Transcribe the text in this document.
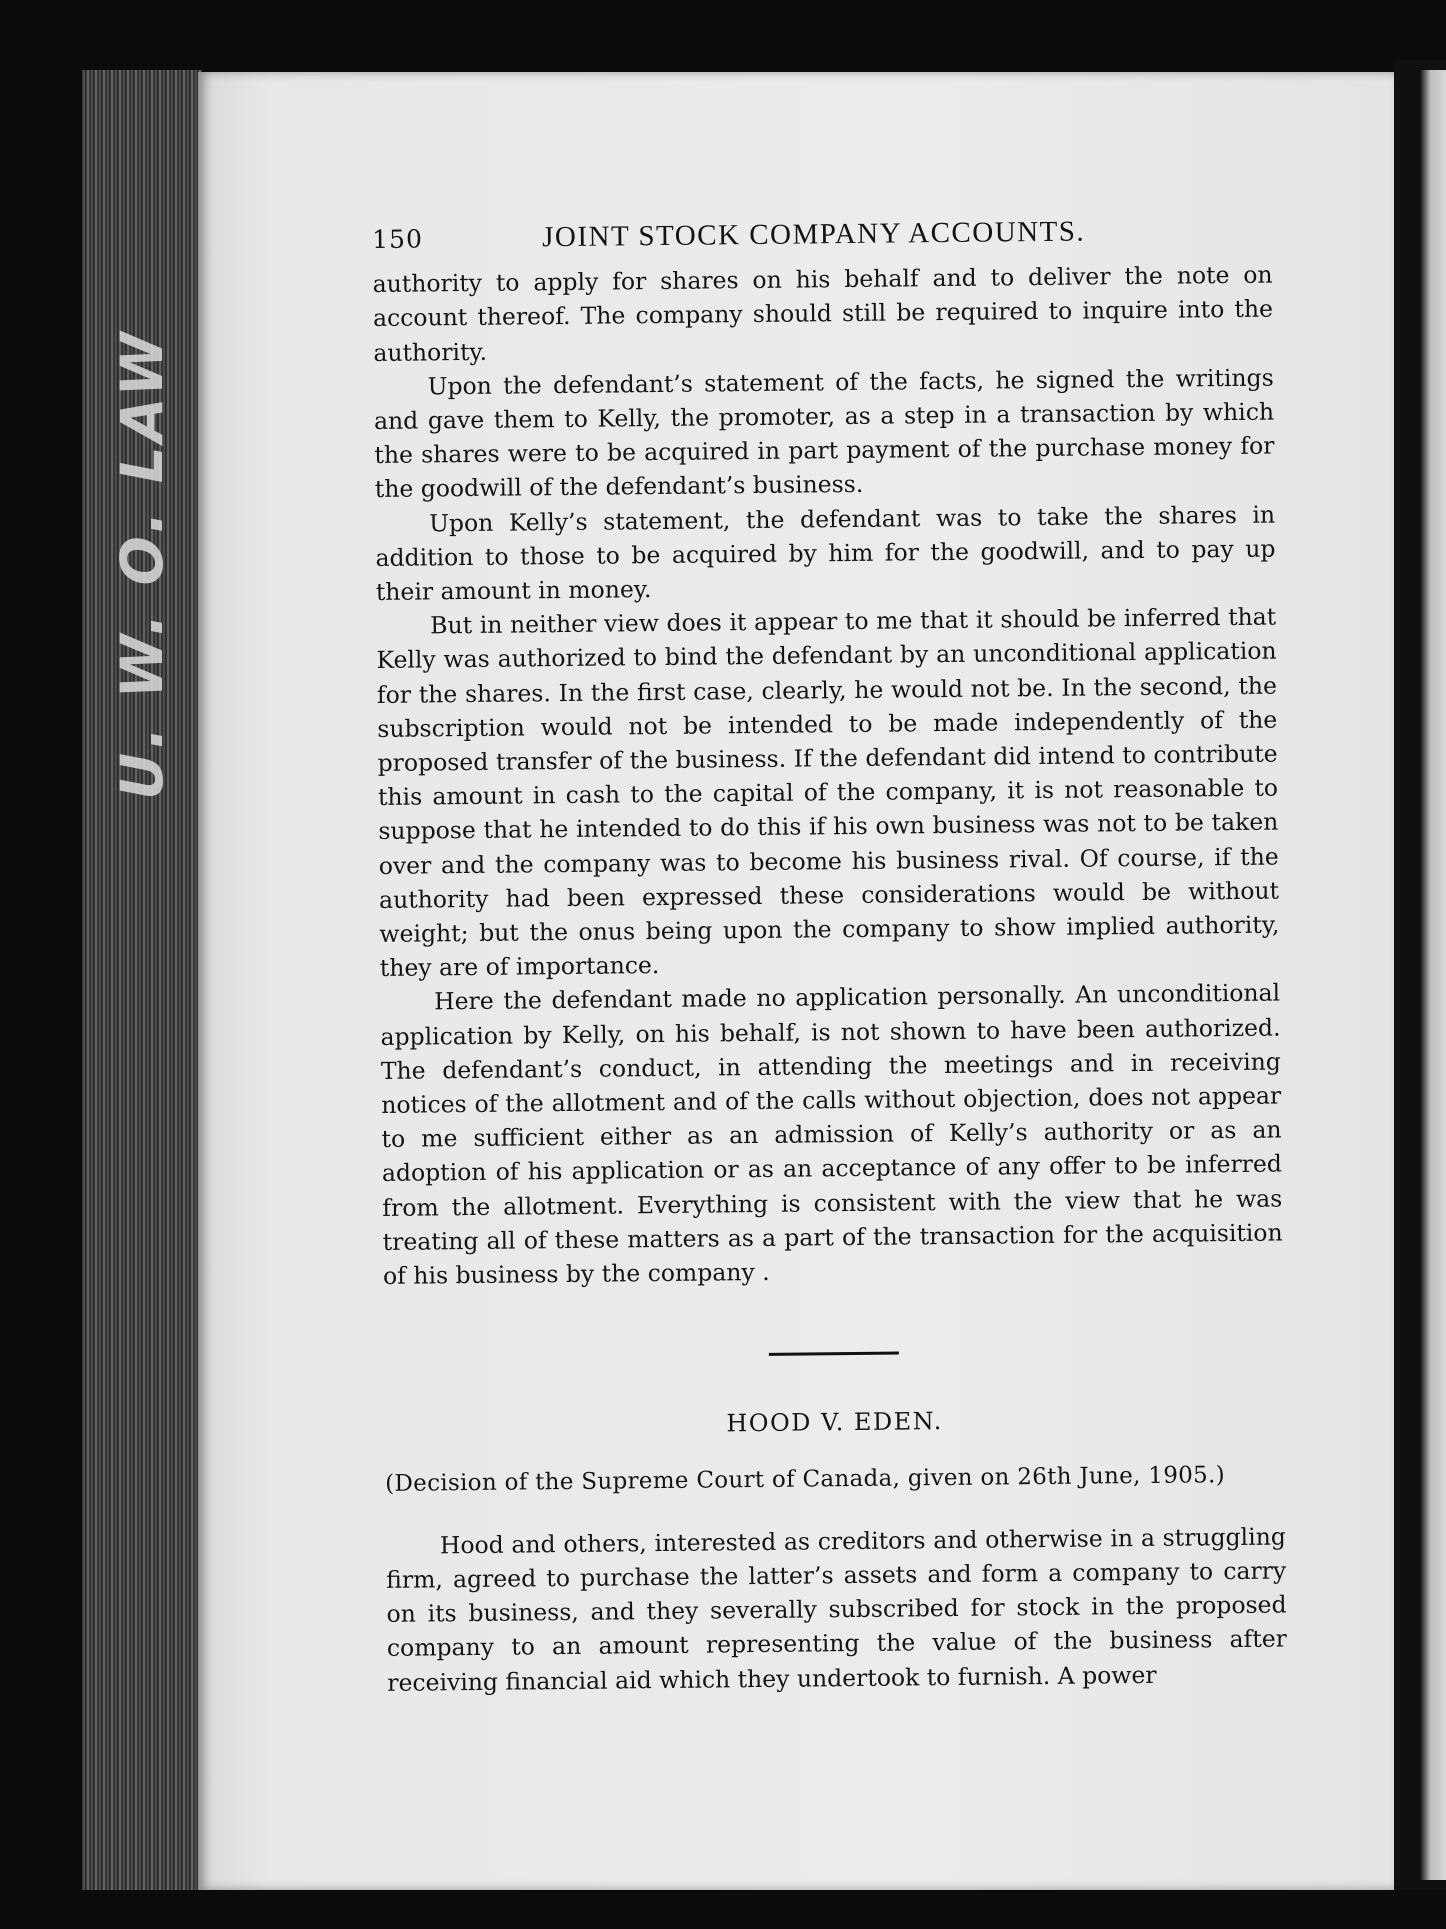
U. W. O. LAW
150	JOINT STOCK COMPANY ACCOUNTS.

authority to apply for shares on his behalf and to deliver the note on account thereof. The company should still be required to inquire into the authority.

Upon the defendant’s statement of the facts, he signed the writings and gave them to Kelly, the promoter, as a step in a transaction by which the shares were to be acquired in part payment of the purchase money for the goodwill of the defendant’s business.

Upon Kelly’s statement, the defendant was to take the shares in addition to those to be acquired by him for the goodwill, and to pay up their amount in money.

But in neither view does it appear to me that it should be inferred that Kelly was authorized to bind the defendant by an unconditional application for the shares. In the first case, clearly, he would not be. In the second, the subscription would not be intended to be made independently of the proposed transfer of the business. If the defendant did intend to contribute this amount in cash to the capital of the company, it is not reasonable to suppose that he intended to do this if his own business was not to be taken over and the company was to become his business rival. Of course, if the authority had been expressed these considerations would be without weight; but the onus being upon the company to show implied authority, they are of importance.

Here the defendant made no application personally. An unconditional application by Kelly, on his behalf, is not shown to have been authorized. The defendant’s conduct, in attending the meetings and in receiving notices of the allotment and of the calls without objection, does not appear to me sufficient either as an admission of Kelly’s authority or as an adoption of his application or as an acceptance of any offer to be inferred from the allotment. Everything is consistent with the view that he was treating all of these matters as a part of the transaction for the acquisition of his business by the company .

HOOD V. EDEN.

(Decision of the Supreme Court of Canada, given on 26th June, 1905.)

Hood and others, interested as creditors and otherwise in a struggling firm, agreed to purchase the latter’s assets and form a company to carry on its business, and they severally subscribed for stock in the proposed company to an amount representing the value of the business after receiving financial aid which they undertook to furnish. A power
